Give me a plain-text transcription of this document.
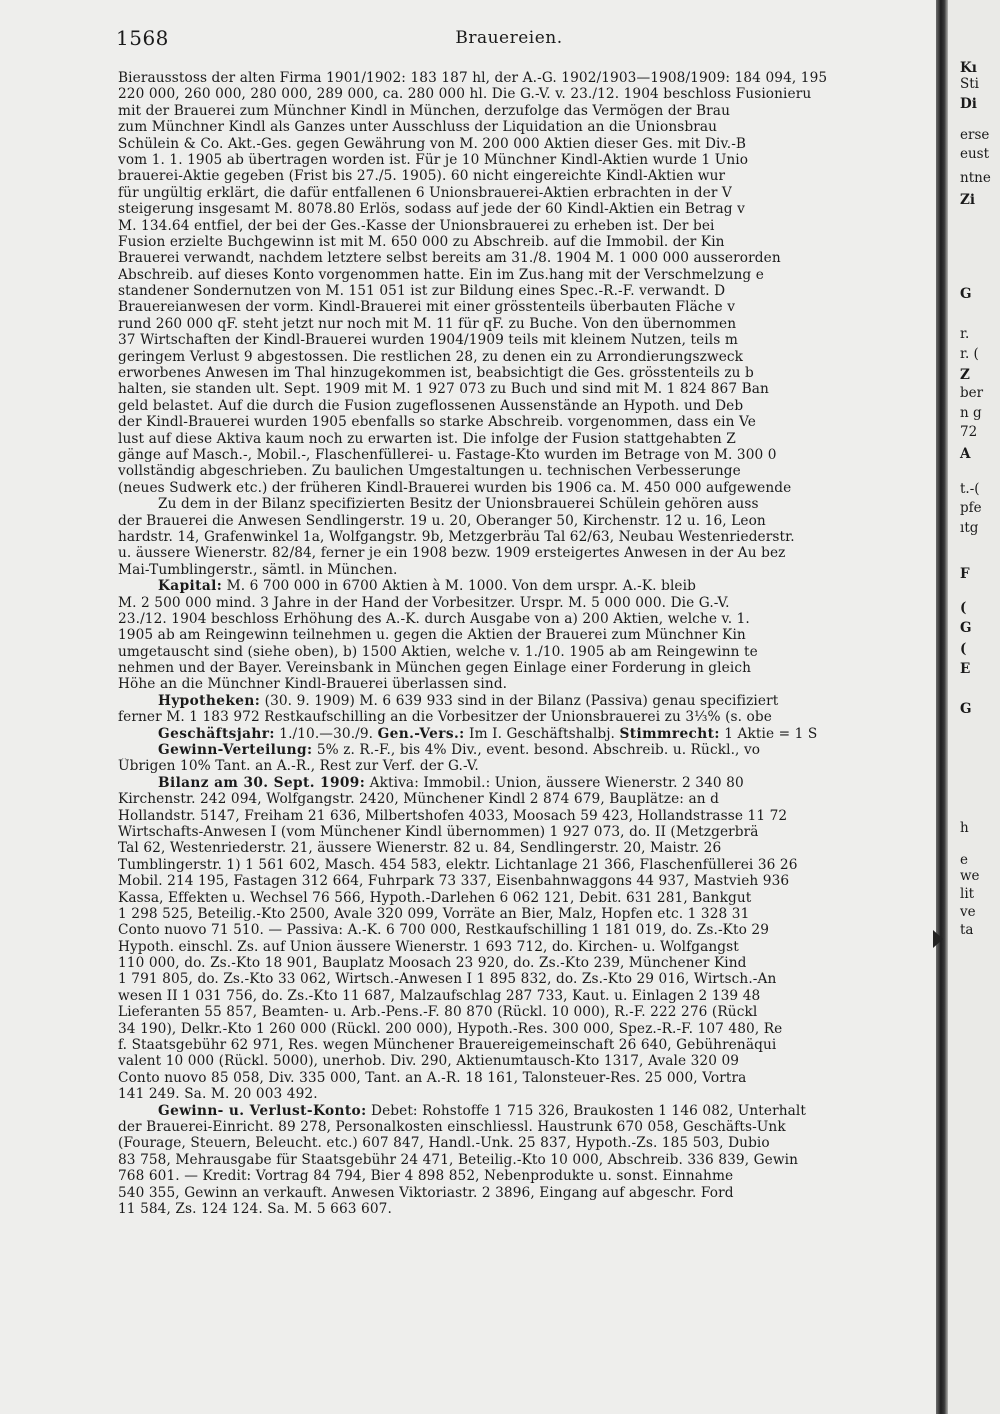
1568	Brauereien.
Bierausstoss der alten Firma 1901/1902: 183 187 hl, der A.-G. 1902/1903—1908/1909: 184 094, 195
220 000, 260 000, 280 000, 289 000, ca. 280 000 hl. Die G.-V. v. 23./12. 1904 beschloss Fusionieru
mit der Brauerei zum Münchner Kindl in München, derzufolge das Vermögen der Brau
zum Münchner Kindl als Ganzes unter Ausschluss der Liquidation an die Unionsbrau
Schülein & Co. Akt.-Ges. gegen Gewährung von M. 200 000 Aktien dieser Ges. mit Div.-B
vom 1. 1. 1905 ab übertragen worden ist. Für je 10 Münchner Kindl-Aktien wurde 1 Unio
brauerei-Aktie gegeben (Frist bis 27./5. 1905). 60 nicht eingereichte Kindl-Aktien wur
für ungültig erklärt, die dafür entfallenen 6 Unionsbrauerei-Aktien erbrachten in der V
steigerung insgesamt M. 8078.80 Erlös, sodass auf jede der 60 Kindl-Aktien ein Betrag v
M. 134.64 entfiel, der bei der Ges.-Kasse der Unionsbrauerei zu erheben ist. Der bei
Fusion erzielte Buchgewinn ist mit M. 650 000 zu Abschreib. auf die Immobil. der Kin
Brauerei verwandt, nachdem letztere selbst bereits am 31./8. 1904 M. 1 000 000 ausserorden
Abschreib. auf dieses Konto vorgenommen hatte. Ein im Zus.hang mit der Verschmelzung e
standener Sondernutzen von M. 151 051 ist zur Bildung eines Spec.-R.-F. verwandt. D
Brauereianwesen der vorm. Kindl-Brauerei mit einer grösstenteils überbauten Fläche v
rund 260 000 qF. steht jetzt nur noch mit M. 11 für qF. zu Buche. Von den übernommen
37 Wirtschaften der Kindl-Brauerei wurden 1904/1909 teils mit kleinem Nutzen, teils m
geringem Verlust 9 abgestossen. Die restlichen 28, zu denen ein zu Arrondierungszweck
erworbenes Anwesen im Thal hinzugekommen ist, beabsichtigt die Ges. grösstenteils zu b
halten, sie standen ult. Sept. 1909 mit M. 1 927 073 zu Buch und sind mit M. 1 824 867 Ban
geld belastet. Auf die durch die Fusion zugeflossenen Aussenstände an Hypoth. und Deb
der Kindl-Brauerei wurden 1905 ebenfalls so starke Abschreib. vorgenommen, dass ein Ve
lust auf diese Aktiva kaum noch zu erwarten ist. Die infolge der Fusion stattgehabten Z
gänge auf Masch.-, Mobil.-, Flaschenfüllerei- u. Fastage-Kto wurden im Betrage von M. 300 0
vollständig abgeschrieben. Zu baulichen Umgestaltungen u. technischen Verbesserunge
(neues Sudwerk etc.) der früheren Kindl-Brauerei wurden bis 1906 ca. M. 450 000 aufgewende
Zu dem in der Bilanz specifizierten Besitz der Unionsbrauerei Schülein gehören auss
der Brauerei die Anwesen Sendlingerstr. 19 u. 20, Oberanger 50, Kirchenstr. 12 u. 16, Leon
hardstr. 14, Grafenwinkel 1a, Wolfgangstr. 9b, Metzgerbräu Tal 62/63, Neubau Westenriederstr.
u. äussere Wienerstr. 82/84, ferner je ein 1908 bezw. 1909 ersteigertes Anwesen in der Au bez
Mai-Tumblingerstr., sämtl. in München.
Kapital: M. 6 700 000 in 6700 Aktien à M. 1000. Von dem urspr. A.-K. bleib
M. 2 500 000 mind. 3 Jahre in der Hand der Vorbesitzer. Urspr. M. 5 000 000. Die G.-V.
23./12. 1904 beschloss Erhöhung des A.-K. durch Ausgabe von a) 200 Aktien, welche v. 1.
1905 ab am Reingewinn teilnehmen u. gegen die Aktien der Brauerei zum Münchner Kin
umgetauscht sind (siehe oben), b) 1500 Aktien, welche v. 1./10. 1905 ab am Reingewinn te
nehmen und der Bayer. Vereinsbank in München gegen Einlage einer Forderung in gleich
Höhe an die Münchner Kindl-Brauerei überlassen sind.
Hypotheken: (30. 9. 1909) M. 6 639 933 sind in der Bilanz (Passiva) genau specifiziert
ferner M. 1 183 972 Restkaufschilling an die Vorbesitzer der Unionsbrauerei zu 3⅓% (s. obe
Geschäftsjahr: 1./10.—30./9. Gen.-Vers.: Im I. Geschäftshalbj. Stimmrecht: 1 Aktie = 1 S
Gewinn-Verteilung: 5% z. R.-F., bis 4% Div., event. besond. Abschreib. u. Rückl., vo
Übrigen 10% Tant. an A.-R., Rest zur Verf. der G.-V.
Bilanz am 30. Sept. 1909: Aktiva: Immobil.: Union, äussere Wienerstr. 2 340 80
Kirchenstr. 242 094, Wolfgangstr. 2420, Münchener Kindl 2 874 679, Bauplätze: an d
Hollandstr. 5147, Freiham 21 636, Milbertshofen 4033, Moosach 59 423, Hollandstrasse 11 72
Wirtschafts-Anwesen I (vom Münchener Kindl übernommen) 1 927 073, do. II (Metzgerbrä
Tal 62, Westenriederstr. 21, äussere Wienerstr. 82 u. 84, Sendlingerstr. 20, Maistr. 26
Tumblingerstr. 1) 1 561 602, Masch. 454 583, elektr. Lichtanlage 21 366, Flaschenfüllerei 36 26
Mobil. 214 195, Fastagen 312 664, Fuhrpark 73 337, Eisenbahnwaggons 44 937, Mastvieh 936
Kassa, Effekten u. Wechsel 76 566, Hypoth.-Darlehen 6 062 121, Debit. 631 281, Bankgut
1 298 525, Beteilig.-Kto 2500, Avale 320 099, Vorräte an Bier, Malz, Hopfen etc. 1 328 31
Conto nuovo 71 510. — Passiva: A.-K. 6 700 000, Restkaufschilling 1 181 019, do. Zs.-Kto 29
Hypoth. einschl. Zs. auf Union äussere Wienerstr. 1 693 712, do. Kirchen- u. Wolfgangst
110 000, do. Zs.-Kto 18 901, Bauplatz Moosach 23 920, do. Zs.-Kto 239, Münchener Kind
1 791 805, do. Zs.-Kto 33 062, Wirtsch.-Anwesen I 1 895 832, do. Zs.-Kto 29 016, Wirtsch.-An
wesen II 1 031 756, do. Zs.-Kto 11 687, Malzaufschlag 287 733, Kaut. u. Einlagen 2 139 48
Lieferanten 55 857, Beamten- u. Arb.-Pens.-F. 80 870 (Rückl. 10 000), R.-F. 222 276 (Rückl
34 190), Delkr.-Kto 1 260 000 (Rückl. 200 000), Hypoth.-Res. 300 000, Spez.-R.-F. 107 480, Re
f. Staatsgebühr 62 971, Res. wegen Münchener Brauereigemeinschaft 26 640, Gebührenäqui
valent 10 000 (Rückl. 5000), unerhob. Div. 290, Aktienumtausch-Kto 1317, Avale 320 09
Conto nuovo 85 058, Div. 335 000, Tant. an A.-R. 18 161, Talonsteuer-Res. 25 000, Vortra
141 249. Sa. M. 20 003 492.
Gewinn- u. Verlust-Konto: Debet: Rohstoffe 1 715 326, Braukosten 1 146 082, Unterhalt
der Brauerei-Einricht. 89 278, Personalkosten einschliessl. Haustrunk 670 058, Geschäfts-Unk
(Fourage, Steuern, Beleucht. etc.) 607 847, Handl.-Unk. 25 837, Hypoth.-Zs. 185 503, Dubio
83 758, Mehrausgabe für Staatsgebühr 24 471, Beteilig.-Kto 10 000, Abschreib. 336 839, Gewin
768 601. — Kredit: Vortrag 84 794, Bier 4 898 852, Nebenprodukte u. sonst. Einnahme
540 355, Gewinn an verkauft. Anwesen Viktoriastr. 2 3896, Eingang auf abgeschr. Ford
11 584, Zs. 124 124. Sa. M. 5 663 607.
Kı
Sti
Di
erse
eust
ntne
Zi
G
r.
r. (
Z
ber
n g
72
A
t.-(
pfe
ıtg
F
(
G
(
E
G
h
e
we
lit
ve
ta
